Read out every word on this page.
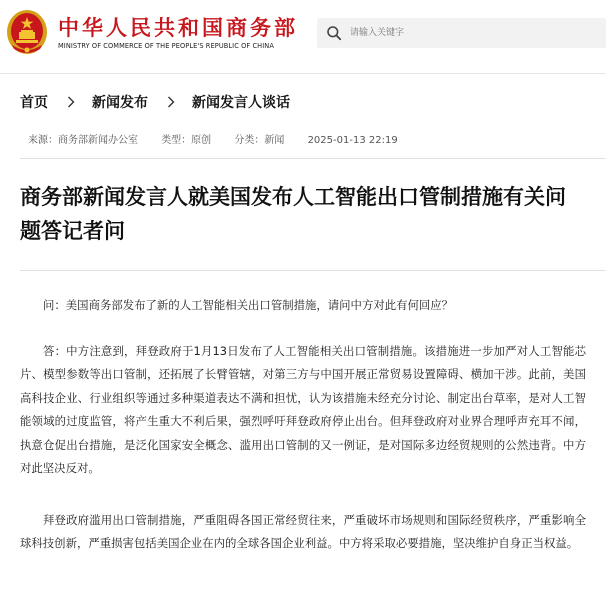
中华人民共和国商务部
MINISTRY OF COMMERCE OF THE PEOPLE'S REPUBLIC OF CHINA
请输入关键字
首页	新闻发布	新闻发言人谈话
来源：商务部新闻办公室 类型：原创 分类：新闻 2025-01-13 22:19
商务部新闻发言人就美国发布人工智能出口管制措施有关问题答记者问

问：美国商务部发布了新的人工智能相关出口管制措施，请问中方对此有何回应？

答：中方注意到，拜登政府于1月13日发布了人工智能相关出口管制措施。该措施进一步加严对人工智能芯片、模型参数等出口管制，还拓展了长臂管辖，对第三方与中国开展正常贸易设置障碍、横加干涉。此前，美国高科技企业、行业组织等通过多种渠道表达不满和担忧，认为该措施未经充分讨论、制定出台草率，是对人工智能领域的过度监管，将产生重大不利后果，强烈呼吁拜登政府停止出台。但拜登政府对业界合理呼声充耳不闻，执意仓促出台措施，是泛化国家安全概念、滥用出口管制的又一例证，是对国际多边经贸规则的公然违背。中方对此坚决反对。

拜登政府滥用出口管制措施，严重阻碍各国正常经贸往来，严重破坏市场规则和国际经贸秩序，严重影响全球科技创新，严重损害包括美国企业在内的全球各国企业利益。中方将采取必要措施，坚决维护自身正当权益。
